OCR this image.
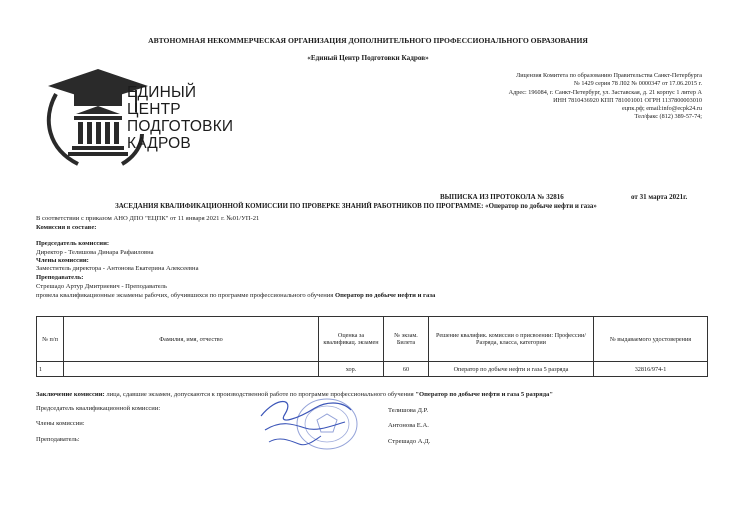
АВТОНОМНАЯ НЕКОММЕРЧЕСКАЯ ОРГАНИЗАЦИЯ ДОПОЛНИТЕЛЬНОГО ПРОФЕССИОНАЛЬНОГО ОБРАЗОВАНИЯ
«Единый Центр Подготовки Кадров»
ЕДИНЫЙ
ЦЕНТР
ПОДГОТОВКИ
КАДРОВ
Лицензия Комитета по образованию Правительства Санкт-Петербурга
№ 1429 серия 78 Л02 № 0000347 от 17.06.2015 г.
Адрес: 196084, г. Санкт-Петербург, ул. Заставская, д. 21 корпус 1 литер А
ИНН 7810436920 КПП 781001001 ОГРН 1137800003010
ецпк.рф; email:info@ecpk24.ru
Тел/факс (812) 389-57-74;
ВЫПИСКА ИЗ ПРОТОКОЛА № 32816	от 31 марта 2021г.
ЗАСЕДАНИЯ КВАЛИФИКАЦИОННОЙ КОМИССИИ ПО ПРОВЕРКЕ ЗНАНИЙ РАБОТНИКОВ ПО ПРОГРАММЕ: «Оператор по добыче нефти и газа»
В соответствии с приказом АНО ДПО "ЕЦПК" от 11 января 2021 г. №01/УП-21
Комиссия в составе:
Председатель комиссии:
Директор - Телишова Динара Рафаиловна
Члены комиссии:
Заместитель директора - Антонова Екатерина Алексеевна
Преподаватель:
Стрешадо Артур Дмитриевич - Преподаватель
провела квалификационные экзамены рабочих, обучившихся по программе профессионального обучения Оператор по добыче нефти и газа
№ п/п	Фамилия, имя, отчество	Оценка за квалификац. экзамен	№ экзам. Билета	Решение квалифик. комиссии о присвоении: Профессии/Разряда, класса, категории	№ выдаваемого удостоверения
1		хор.	60	Оператор по добыче нефти и газа 5 разряда	32816/974-1
Заключение комиссии: лица, сдавшие экзамен, допускаются к производственной работе по программе профессионального обучения "Оператор по добыче нефти и газа 5 разряда"
Председатель квалификационной комиссии:	Телишова Д.Р.
Члены комиссии:	Антонова Е.А.
Преподаватель:	Стрешадо А.Д.
